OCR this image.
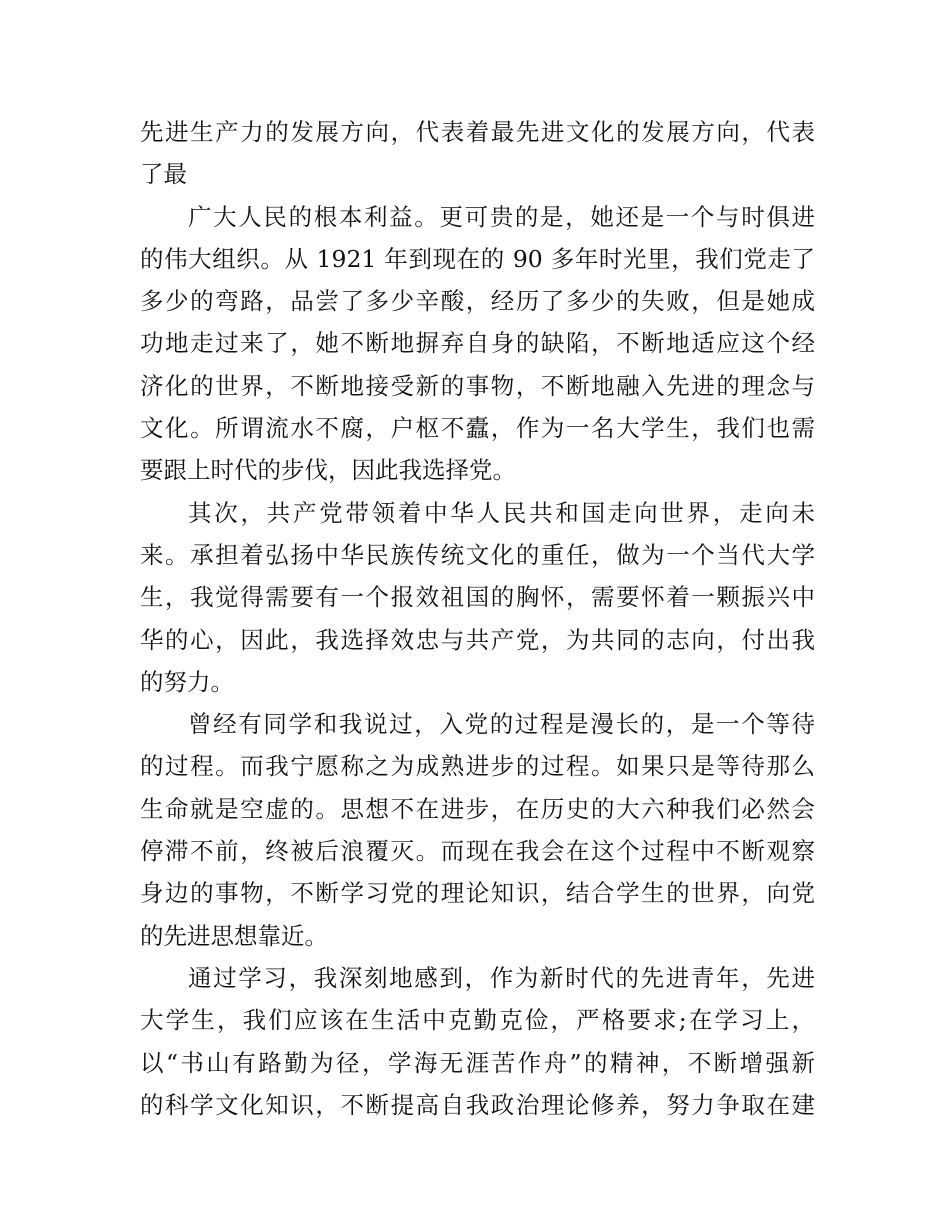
先进生产力的发展方向，代表着最先进文化的发展方向，代表
了最
广大人民的根本利益。更可贵的是，她还是一个与时俱进
的伟大组织。从 1921 年到现在的 90 多年时光里，我们党走了
多少的弯路，品尝了多少辛酸，经历了多少的失败，但是她成
功地走过来了，她不断地摒弃自身的缺陷，不断地适应这个经
济化的世界，不断地接受新的事物，不断地融入先进的理念与
文化。所谓流水不腐，户枢不蠹，作为一名大学生，我们也需
要跟上时代的步伐，因此我选择党。
其次，共产党带领着中华人民共和国走向世界，走向未
来。承担着弘扬中华民族传统文化的重任，做为一个当代大学
生，我觉得需要有一个报效祖国的胸怀，需要怀着一颗振兴中
华的心，因此，我选择效忠与共产党，为共同的志向，付出我
的努力。
曾经有同学和我说过，入党的过程是漫长的，是一个等待
的过程。而我宁愿称之为成熟进步的过程。如果只是等待那么
生命就是空虚的。思想不在进步，在历史的大六种我们必然会
停滞不前，终被后浪覆灭。而现在我会在这个过程中不断观察
身边的事物，不断学习党的理论知识，结合学生的世界，向党
的先进思想靠近。
通过学习，我深刻地感到，作为新时代的先进青年，先进
大学生，我们应该在生活中克勤克俭，严格要求;在学习上，
以“书山有路勤为径，学海无涯苦作舟”的精神，不断增强新
的科学文化知识，不断提高自我政治理论修养，努力争取在建
